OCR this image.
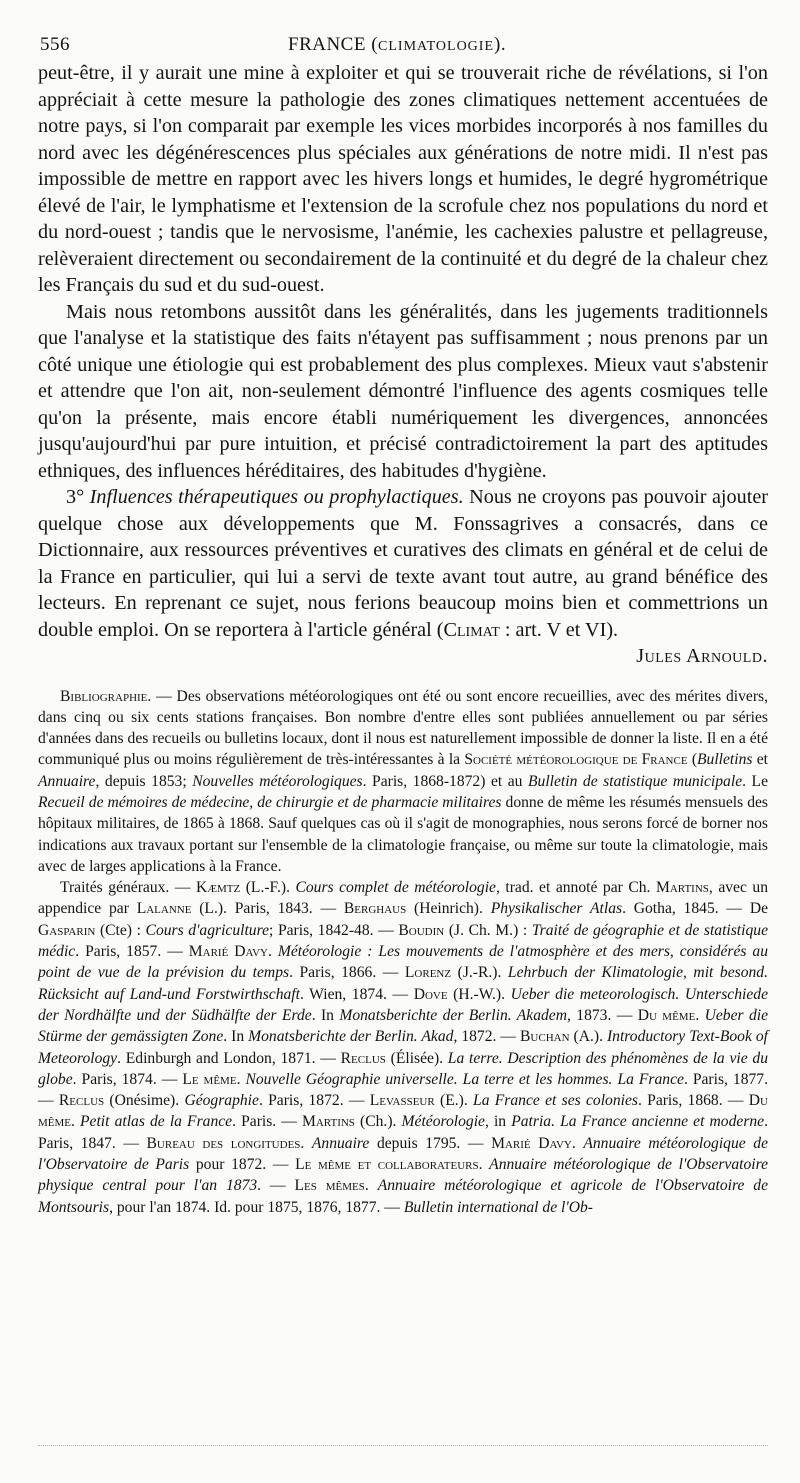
556	FRANCE (CLIMATOLOGIE).

peut-être, il y aurait une mine à exploiter et qui se trouverait riche de révélations, si l'on appréciait à cette mesure la pathologie des zones climatiques nettement accentuées de notre pays, si l'on comparait par exemple les vices morbides incorporés à nos familles du nord avec les dégénérescences plus spéciales aux générations de notre midi. Il n'est pas impossible de mettre en rapport avec les hivers longs et humides, le degré hygrométrique élevé de l'air, le lymphatisme et l'extension de la scrofule chez nos populations du nord et du nord-ouest ; tandis que le nervosisme, l'anémie, les cachexies palustre et pellagreuse, relèveraient directement ou secondairement de la continuité et du degré de la chaleur chez les Français du sud et du sud-ouest.

Mais nous retombons aussitôt dans les généralités, dans les jugements traditionnels que l'analyse et la statistique des faits n'étayent pas suffisamment ; nous prenons par un côté unique une étiologie qui est probablement des plus complexes. Mieux vaut s'abstenir et attendre que l'on ait, non-seulement démontré l'influence des agents cosmiques telle qu'on la présente, mais encore établi numériquement les divergences, annoncées jusqu'aujourd'hui par pure intuition, et précisé contradictoirement la part des aptitudes ethniques, des influences héréditaires, des habitudes d'hygiène.

3° Influences thérapeutiques ou prophylactiques. Nous ne croyons pas pouvoir ajouter quelque chose aux développements que M. Fonssagrives a consacrés, dans ce Dictionnaire, aux ressources préventives et curatives des climats en général et de celui de la France en particulier, qui lui a servi de texte avant tout autre, au grand bénéfice des lecteurs. En reprenant ce sujet, nous ferions beaucoup moins bien et commettrions un double emploi. On se reportera à l'article général (Climat : art. V et VI).
Jules Arnould.

Bibliographie. — Des observations météorologiques ont été ou sont encore recueillies, avec des mérites divers, dans cinq ou six cents stations françaises. Bon nombre d'entre elles sont publiées annuellement ou par séries d'années dans des recueils ou bulletins locaux, dont il nous est naturellement impossible de donner la liste. Il en a été communiqué plus ou moins régulièrement de très-intéressantes à la Société météorologique de France (Bulletins et Annuaire, depuis 1853; Nouvelles météorologiques. Paris, 1868-1872) et au Bulletin de statistique municipale. Le Recueil de mémoires de médecine, de chirurgie et de pharmacie militaires donne de même les résumés mensuels des hôpitaux militaires, de 1865 à 1868. Sauf quelques cas où il s'agit de monographies, nous serons forcé de borner nos indications aux travaux portant sur l'ensemble de la climatologie française, ou même sur toute la climatologie, mais avec de larges applications à la France.

Traités généraux. — Kæmtz (L.-F.). Cours complet de météorologie, trad. et annoté par Ch. Martins, avec un appendice par Lalanne (L.). Paris, 1843. — Berghaus (Heinrich). Physikalischer Atlas. Gotha, 1845. — De Gasparin (Cte) : Cours d'agriculture; Paris, 1842-48. — Boudin (J. Ch. M.) : Traité de géographie et de statistique médic. Paris, 1857. — Marié Davy. Météorologie : Les mouvements de l'atmosphère et des mers, considérés au point de vue de la prévision du temps. Paris, 1866. — Lorenz (J.-R.). Lehrbuch der Klimatologie, mit besond. Rücksicht auf Land-und Forstwirthschaft. Wien, 1874. — Dove (H.-W.). Ueber die meteorologisch. Unterschiede der Nordhälfte und der Südhälfte der Erde. In Monatsberichte der Berlin. Akadem, 1873. — Du même. Ueber die Stürme der gemässigten Zone. In Monatsberichte der Berlin. Akad, 1872. — Buchan (A.). Introductory Text-Book of Meteorology. Edinburgh and London, 1871. — Reclus (Élisée). La terre. Description des phénomènes de la vie du globe. Paris, 1874. — Le même. Nouvelle Géographie universelle. La terre et les hommes. La France. Paris, 1877. — Reclus (Onésime). Géographie. Paris, 1872. — Levasseur (E.). La France et ses colonies. Paris, 1868. — Du même. Petit atlas de la France. Paris. — Martins (Ch.). Météorologie, in Patria. La France ancienne et moderne. Paris, 1847. — Bureau des longitudes. Annuaire depuis 1795. — Marié Davy. Annuaire météorologique de l'Observatoire de Paris pour 1872. — Le même et collaborateurs. Annuaire météorologique de l'Observatoire physique central pour l'an 1873. — Les mêmes. Annuaire météorologique et agricole de l'Observatoire de Montsouris, pour l'an 1874. Id. pour 1875, 1876, 1877. — Bulletin international de l'Ob-
